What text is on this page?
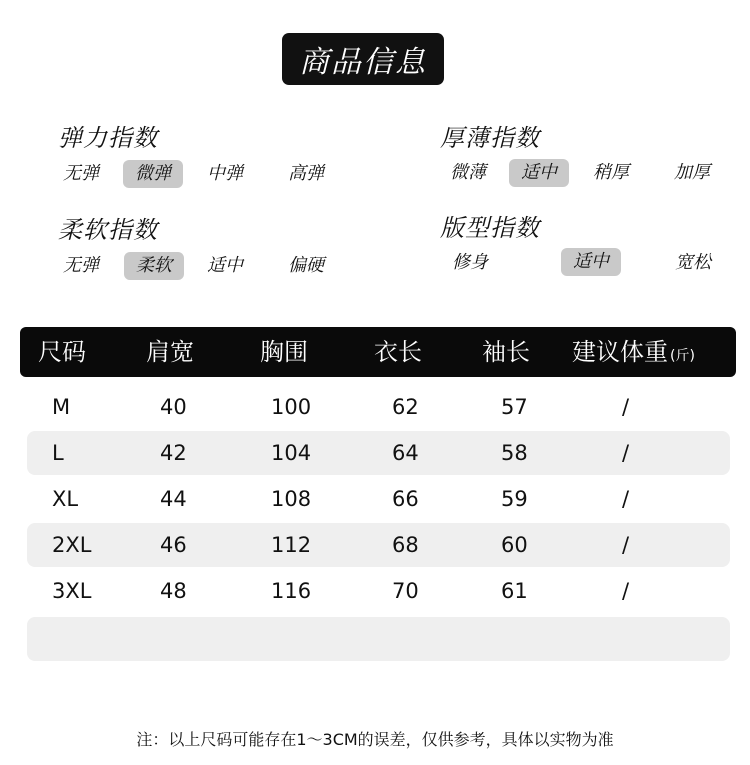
商品信息
弹力指数
无弹	微弹	中弹	高弹
厚薄指数
微薄	适中	稍厚	加厚
柔软指数
无弹	柔软	适中	偏硬
版型指数
修身	适中	宽松
尺码	肩宽	胸围	衣长	袖长 建议体重 (斤)
M	40	100	62	57	/
L	42	104	64	58	/
XL	44	108	66	59	/
2XL	46	112	68	60	/
3XL	48	116	70	61	/
注：以上尺码可能存在1～3CM的误差，仅供参考，具体以实物为准
